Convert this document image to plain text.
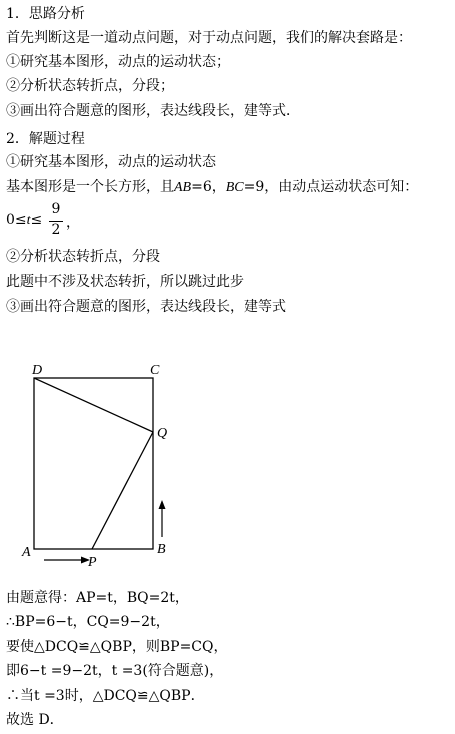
1．思路分析
首先判断这是一道动点问题，对于动点问题，我们的解决套路是：
①研究基本图形，动点的运动状态；
②分析状态转折点，分段；
③画出符合题意的图形，表达线段长，建等式．
2．解题过程
①研究基本图形，动点的运动状态
基本图形是一个长方形，且AB=6，BC=9，由动点运动状态可知：
0≤t≤
9
2 ，
②分析状态转折点，分段
此题中不涉及状态转折，所以跳过此步
③画出符合题意的图形，表达线段长，建等式
D	C
Q
A
P
B
由题意得：AP=t，BQ=2t，
∴BP=6−t，CQ=9−2t，
要使△DCQ≌△QBP，则BP=CQ，
即6−t =9−2t，t =3(符合题意)，
∴当t =3时，△DCQ≌△QBP．
故选 D．
